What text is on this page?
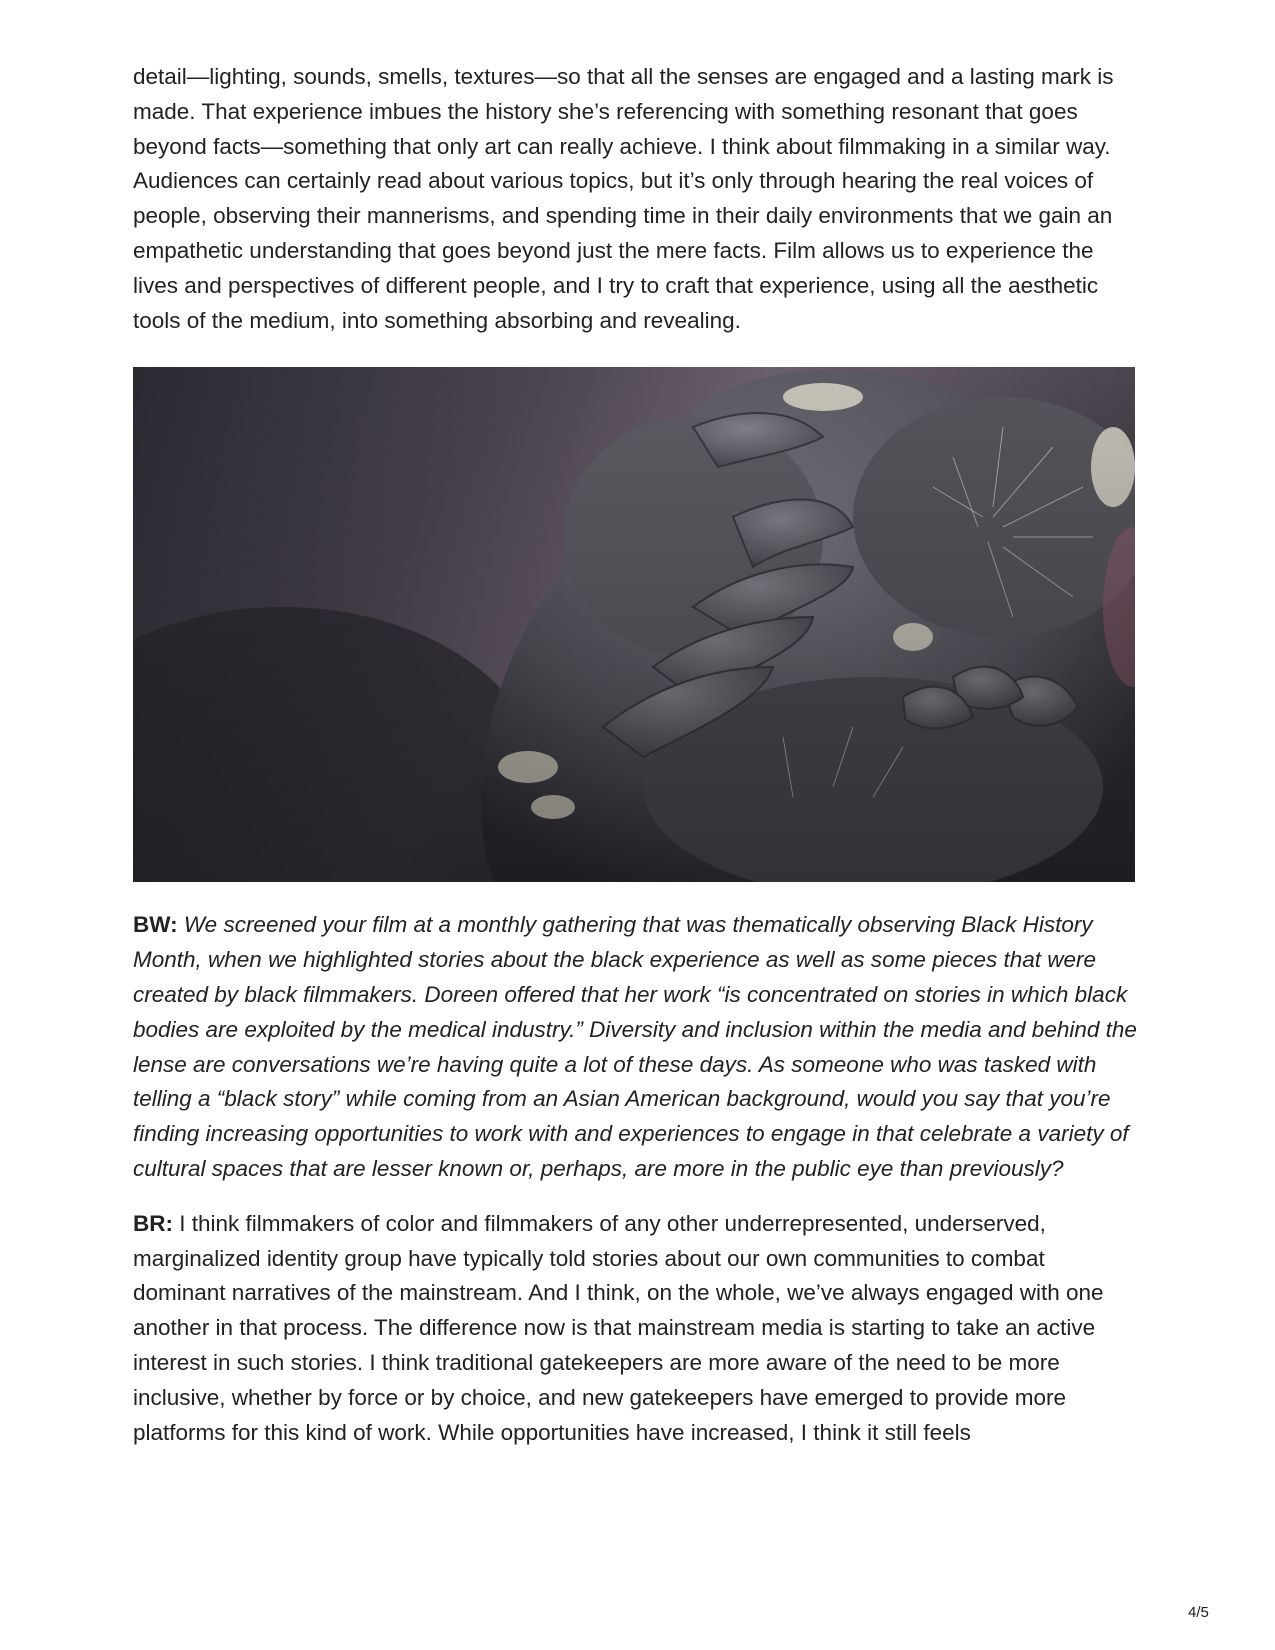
detail—lighting, sounds, smells, textures—so that all the senses are engaged and a lasting mark is made. That experience imbues the history she’s referencing with something resonant that goes beyond facts—something that only art can really achieve. I think about filmmaking in a similar way. Audiences can certainly read about various topics, but it’s only through hearing the real voices of people, observing their mannerisms, and spending time in their daily environments that we gain an empathetic understanding that goes beyond just the mere facts. Film allows us to experience the lives and perspectives of different people, and I try to craft that experience, using all the aesthetic tools of the medium, into something absorbing and revealing.

BW: We screened your film at a monthly gathering that was thematically observing Black History Month, when we highlighted stories about the black experience as well as some pieces that were created by black filmmakers. Doreen offered that her work “is concentrated on stories in which black bodies are exploited by the medical industry.” Diversity and inclusion within the media and behind the lense are conversations we’re having quite a lot of these days. As someone who was tasked with telling a “black story” while coming from an Asian American background, would you say that you’re finding increasing opportunities to work with and experiences to engage in that celebrate a variety of cultural spaces that are lesser known or, perhaps, are more in the public eye than previously?

BR: I think filmmakers of color and filmmakers of any other underrepresented, underserved, marginalized identity group have typically told stories about our own communities to combat dominant narratives of the mainstream. And I think, on the whole, we’ve always engaged with one another in that process. The difference now is that mainstream media is starting to take an active interest in such stories. I think traditional gatekeepers are more aware of the need to be more inclusive, whether by force or by choice, and new gatekeepers have emerged to provide more platforms for this kind of work. While opportunities have increased, I think it still feels

4/5
